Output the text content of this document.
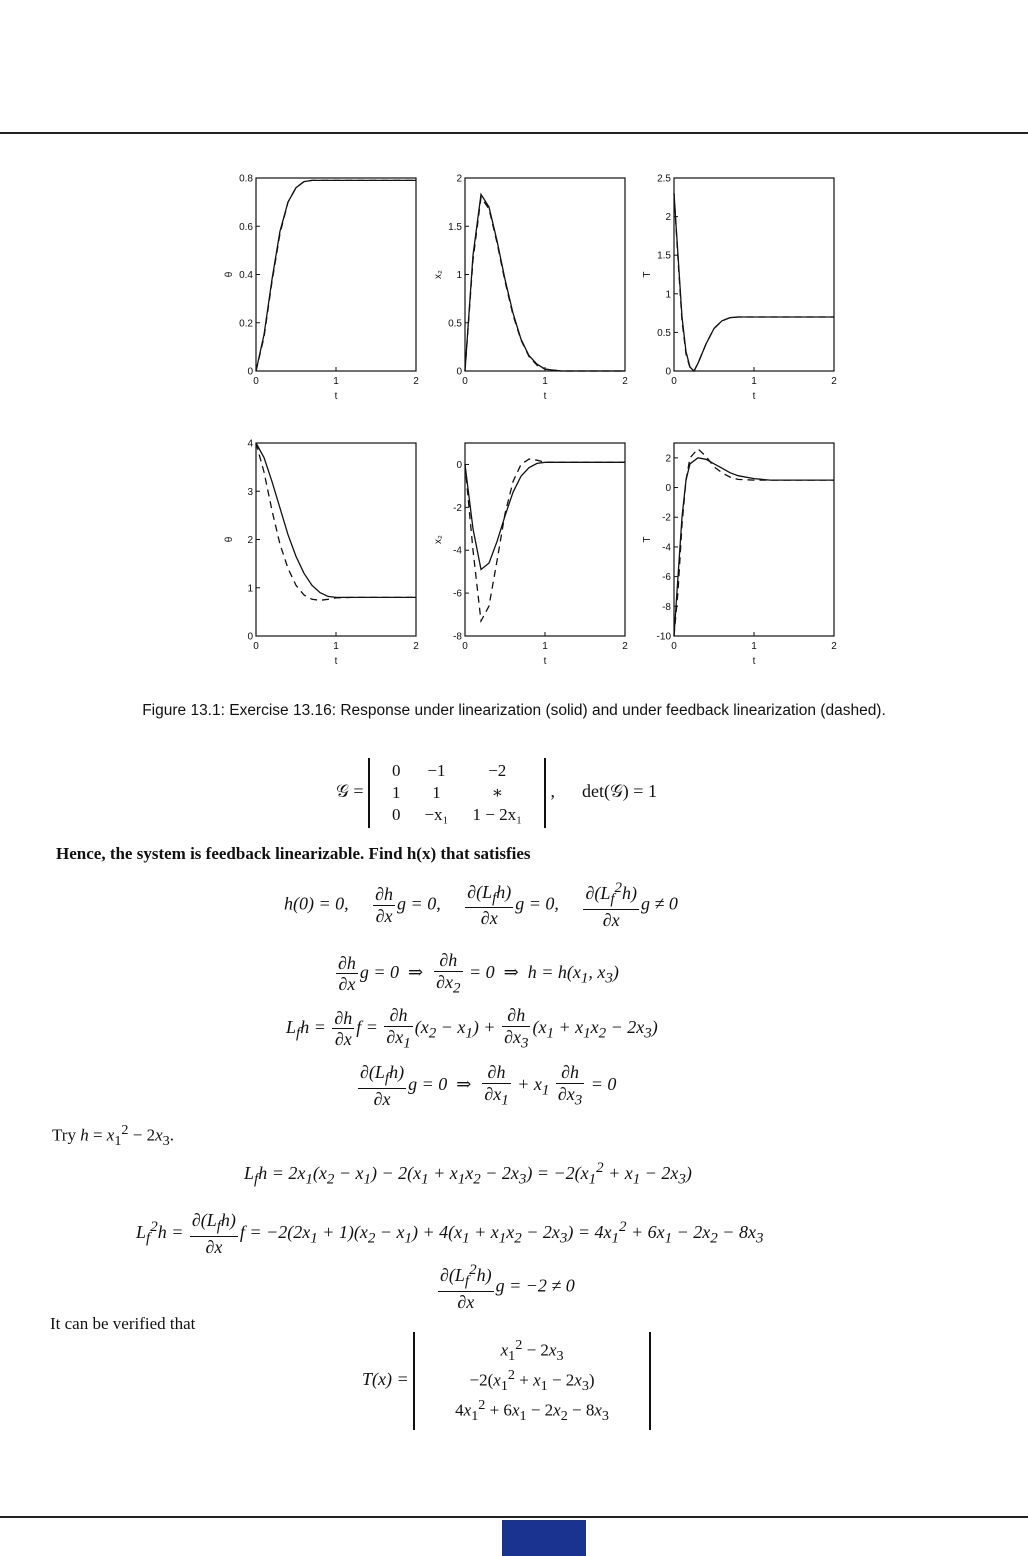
0
0.2
0.4
0.6
0.8
0	1	2
t
θ
0
0.5
1
1.5
2
0	1	2
t
x₂
0
0.5
1
1.5
2
2.5
0	1	2
t
T
0
1
2
3
4
0	1	2
t
θ
-8
-6
-4
-2
0
0	1	2
t
x₂
-10
-8
-6
-4
-2
0
2
0	1	2
t
T
Figure 13.1: Exercise 13.16: Response under linearization (solid) and under feedback linearization (dashed).
𝒢 =
0	−1	−2
1	1	∗
0	−x₁	1 − 2x₁
,      det(𝒢) = 1
Hence, the system is feedback linearizable. Find h(x) that satisfies
h(0) = 0, $\frac{\partial h}{\partial x}$ g = 0, $\frac{\partial(L_fh)}{\partial x}$ g = 0, $\frac{\partial(L_f^2h)}{\partial x}$ g ≠ 0
$\frac{\partial h}{\partial x}$ g = 0  ⇒ $\frac{\partial h}{\partial x_2} = 0$  ⇒  $h = h(x_1$, $x_3$)
$L_fh = \frac{\partial h}{\partial x}$ $f = \frac{\partial h}{\partial x_1} (x_2 - x_1) + \frac{\partial h}{\partial x_3} (x_1 + x_1x_2 - 2x_3)$
$\frac{\partial(L_fh)}{\partial x}$ g = 0  ⇒ $\frac{\partial h}{\partial x_1} + x_1 \frac{\partial h}{\partial x_3} = 0$
Try $h = x_1^2 - 2x_3$.
$L_fh = 2x_1(x_2 - x_1) - 2(x_1 + x_1x_2 - 2x_3) = -2(x_1^2 + x_1 - 2x_3)$
$L_f^2h = \frac{\partial(L_fh)}{\partial x}$ $f = -2(2x_1 + 1)(x_2 - x_1) + 4(x_1 + x_1x_2 - 2x_3) = 4x_1^2 + 6x_1 - 2x_2 - 8x_3$
$\frac{\partial(L_f^2h)}{\partial x}$ g = −2 ≠ 0
It can be verified that
T(x) =
$x_1^2 - 2x_3$
$-2(x_1^2 + x_1 - 2x_3)$
$4x_1^2 + 6x_1 - 2x_2 - 8x_3$
